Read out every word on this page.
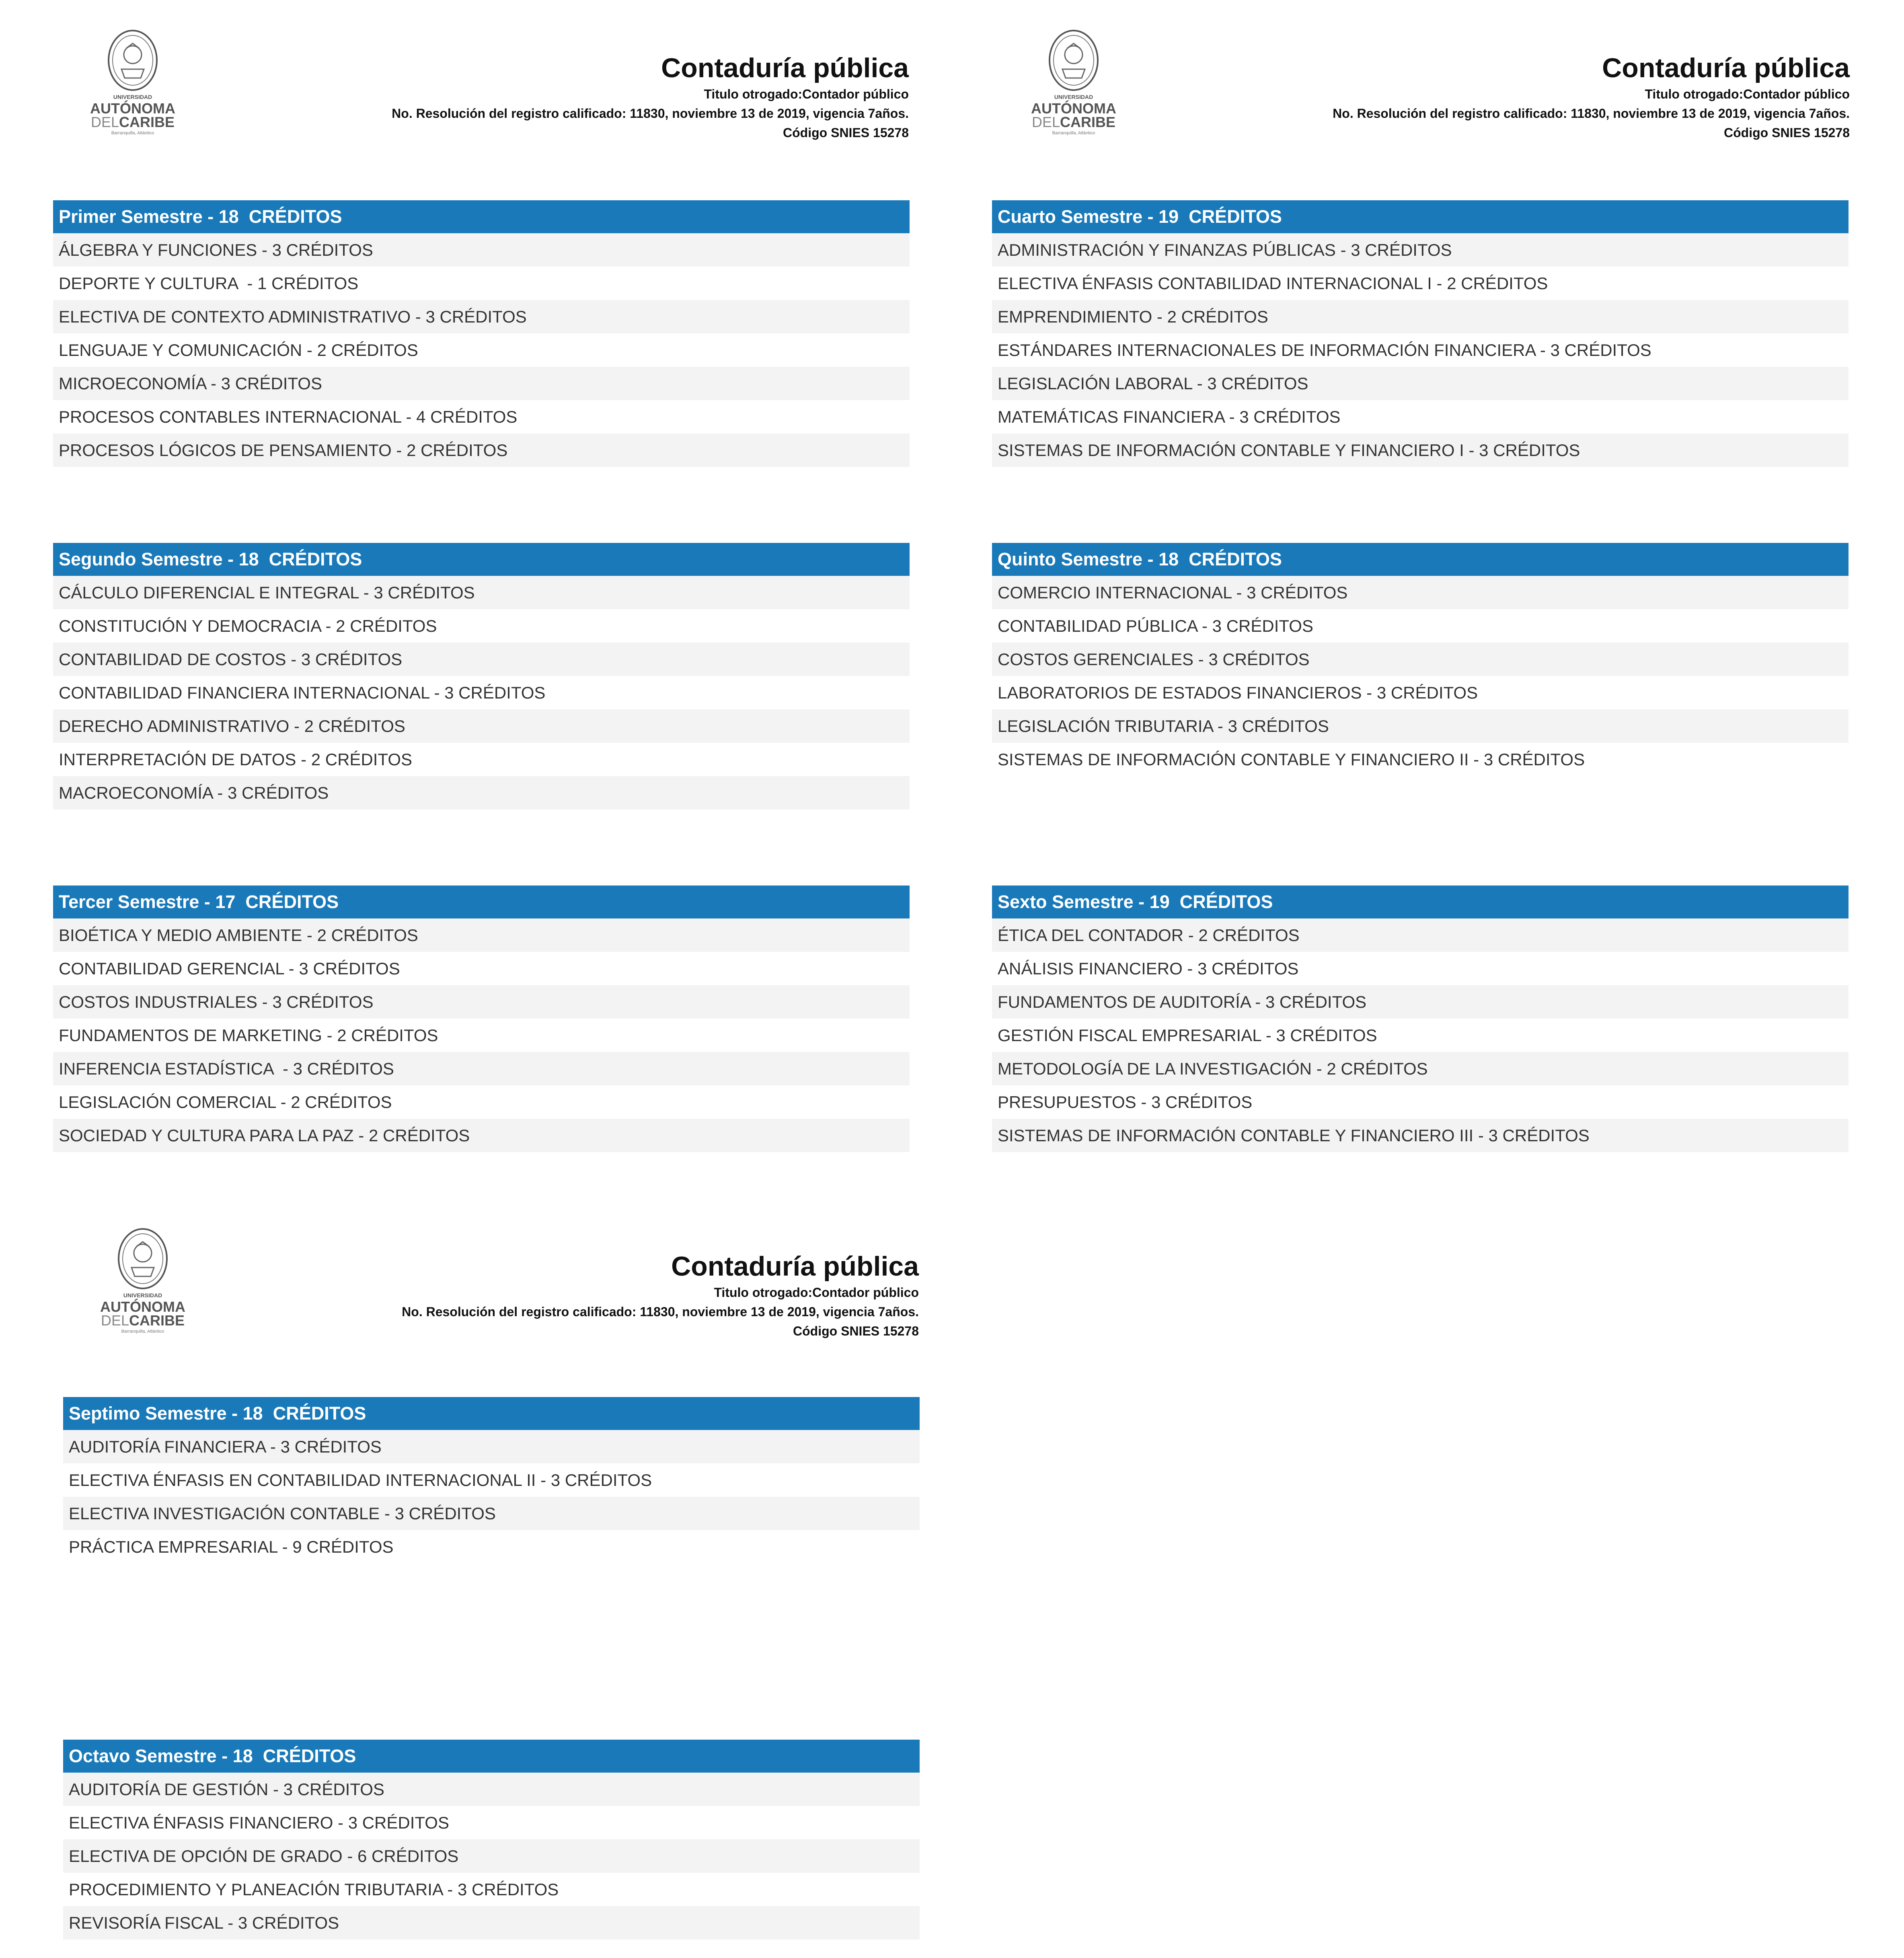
UNIVERSIDAD
AUTÓNOMA
DELCARIBE
Barranquilla, Atlántico
Contaduría pública
Titulo otrogado:Contador público
No. Resolución del registro calificado: 11830, noviembre 13 de 2019, vigencia 7años.
Código SNIES 15278
UNIVERSIDAD
AUTÓNOMA
DELCARIBE
Barranquilla, Atlántico
Contaduría pública
Titulo otrogado:Contador público
No. Resolución del registro calificado: 11830, noviembre 13 de 2019, vigencia 7años.
Código SNIES 15278
UNIVERSIDAD
AUTÓNOMA
DELCARIBE
Barranquilla, Atlántico
Contaduría pública
Titulo otrogado:Contador público
No. Resolución del registro calificado: 11830, noviembre 13 de 2019, vigencia 7años.
Código SNIES 15278
Primer Semestre - 18  CRÉDITOS
ÁLGEBRA Y FUNCIONES - 3 CRÉDITOS
DEPORTE Y CULTURA  - 1 CRÉDITOS
ELECTIVA DE CONTEXTO ADMINISTRATIVO - 3 CRÉDITOS
LENGUAJE Y COMUNICACIÓN - 2 CRÉDITOS
MICROECONOMÍA - 3 CRÉDITOS
PROCESOS CONTABLES INTERNACIONAL - 4 CRÉDITOS
PROCESOS LÓGICOS DE PENSAMIENTO - 2 CRÉDITOS
Segundo Semestre - 18  CRÉDITOS
CÁLCULO DIFERENCIAL E INTEGRAL - 3 CRÉDITOS
CONSTITUCIÓN Y DEMOCRACIA - 2 CRÉDITOS
CONTABILIDAD DE COSTOS - 3 CRÉDITOS
CONTABILIDAD FINANCIERA INTERNACIONAL - 3 CRÉDITOS
DERECHO ADMINISTRATIVO - 2 CRÉDITOS
INTERPRETACIÓN DE DATOS - 2 CRÉDITOS
MACROECONOMÍA - 3 CRÉDITOS
Tercer Semestre - 17  CRÉDITOS
BIOÉTICA Y MEDIO AMBIENTE - 2 CRÉDITOS
CONTABILIDAD GERENCIAL - 3 CRÉDITOS
COSTOS INDUSTRIALES - 3 CRÉDITOS
FUNDAMENTOS DE MARKETING - 2 CRÉDITOS
INFERENCIA ESTADÍSTICA  - 3 CRÉDITOS
LEGISLACIÓN COMERCIAL - 2 CRÉDITOS
SOCIEDAD Y CULTURA PARA LA PAZ - 2 CRÉDITOS
Cuarto Semestre - 19  CRÉDITOS
ADMINISTRACIÓN Y FINANZAS PÚBLICAS - 3 CRÉDITOS
ELECTIVA ÉNFASIS CONTABILIDAD INTERNACIONAL I - 2 CRÉDITOS
EMPRENDIMIENTO - 2 CRÉDITOS
ESTÁNDARES INTERNACIONALES DE INFORMACIÓN FINANCIERA - 3 CRÉDITOS
LEGISLACIÓN LABORAL - 3 CRÉDITOS
MATEMÁTICAS FINANCIERA - 3 CRÉDITOS
SISTEMAS DE INFORMACIÓN CONTABLE Y FINANCIERO I - 3 CRÉDITOS
Quinto Semestre - 18  CRÉDITOS
COMERCIO INTERNACIONAL - 3 CRÉDITOS
CONTABILIDAD PÚBLICA - 3 CRÉDITOS
COSTOS GERENCIALES - 3 CRÉDITOS
LABORATORIOS DE ESTADOS FINANCIEROS - 3 CRÉDITOS
LEGISLACIÓN TRIBUTARIA - 3 CRÉDITOS
SISTEMAS DE INFORMACIÓN CONTABLE Y FINANCIERO II - 3 CRÉDITOS
Sexto Semestre - 19  CRÉDITOS
ÉTICA DEL CONTADOR - 2 CRÉDITOS
ANÁLISIS FINANCIERO - 3 CRÉDITOS
FUNDAMENTOS DE AUDITORÍA - 3 CRÉDITOS
GESTIÓN FISCAL EMPRESARIAL - 3 CRÉDITOS
METODOLOGÍA DE LA INVESTIGACIÓN - 2 CRÉDITOS
PRESUPUESTOS - 3 CRÉDITOS
SISTEMAS DE INFORMACIÓN CONTABLE Y FINANCIERO III - 3 CRÉDITOS
Septimo Semestre - 18  CRÉDITOS
AUDITORÍA FINANCIERA - 3 CRÉDITOS
ELECTIVA ÉNFASIS EN CONTABILIDAD INTERNACIONAL II - 3 CRÉDITOS
ELECTIVA INVESTIGACIÓN CONTABLE - 3 CRÉDITOS
PRÁCTICA EMPRESARIAL - 9 CRÉDITOS
Octavo Semestre - 18  CRÉDITOS
AUDITORÍA DE GESTIÓN - 3 CRÉDITOS
ELECTIVA ÉNFASIS FINANCIERO - 3 CRÉDITOS
ELECTIVA DE OPCIÓN DE GRADO - 6 CRÉDITOS
PROCEDIMIENTO Y PLANEACIÓN TRIBUTARIA - 3 CRÉDITOS
REVISORÍA FISCAL - 3 CRÉDITOS
